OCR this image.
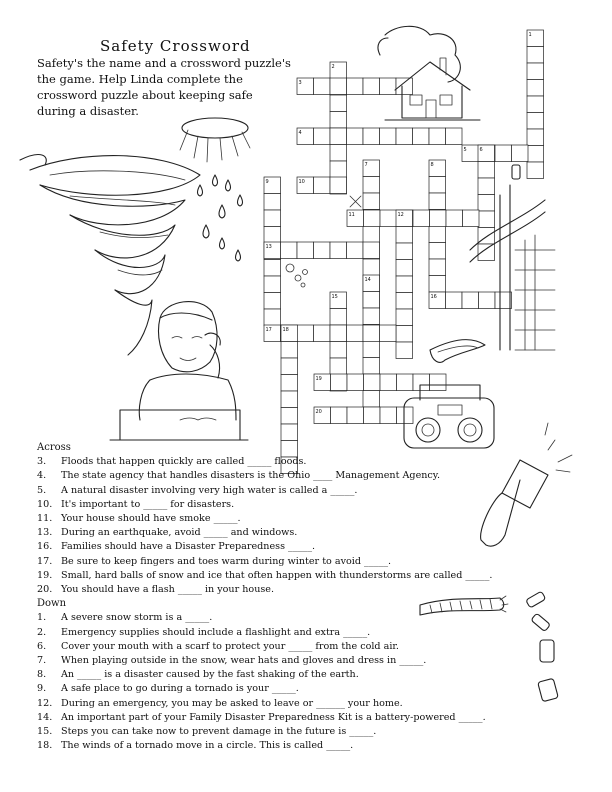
Safety Crossword
Safety's the name and a crossword puzzle's
the game. Help Linda complete the
crossword puzzle about keeping safe
during a disaster.
1
2
3
4
5	6
7	8
9	10
11	12
13
14
15	16
17 18
19
20
Across
3.	Floods that happen quickly are called _____ floods.
4.	The state agency that handles disasters is the Ohio ____ Management Agency.
5.	A natural disaster involving very high water is called a _____.
10. It's important to _____ for disasters.
11. Your house should have smoke _____.
13. During an earthquake, avoid _____ and windows.
16. Families should have a Disaster Preparedness _____.
17. Be sure to keep fingers and toes warm during winter to avoid _____.
19. Small, hard balls of snow and ice that often happen with thunderstorms are called _____.
20. You should have a flash _____ in your house.
Down
1.	A severe snow storm is a _____.
2.	Emergency supplies should include a flashlight and extra _____.
6.	Cover your mouth with a scarf to protect your _____ from the cold air.
7.	When playing outside in the snow, wear hats and gloves and dress in _____.
8.	An _____ is a disaster caused by the fast shaking of the earth.
9.	A safe place to go during a tornado is your _____.
12. During an emergency, you may be asked to leave or ______ your home.
14. An important part of your Family Disaster Preparedness Kit is a battery-powered _____.
15. Steps you can take now to prevent damage in the future is _____.
18. The winds of a tornado move in a circle. This is called _____.
